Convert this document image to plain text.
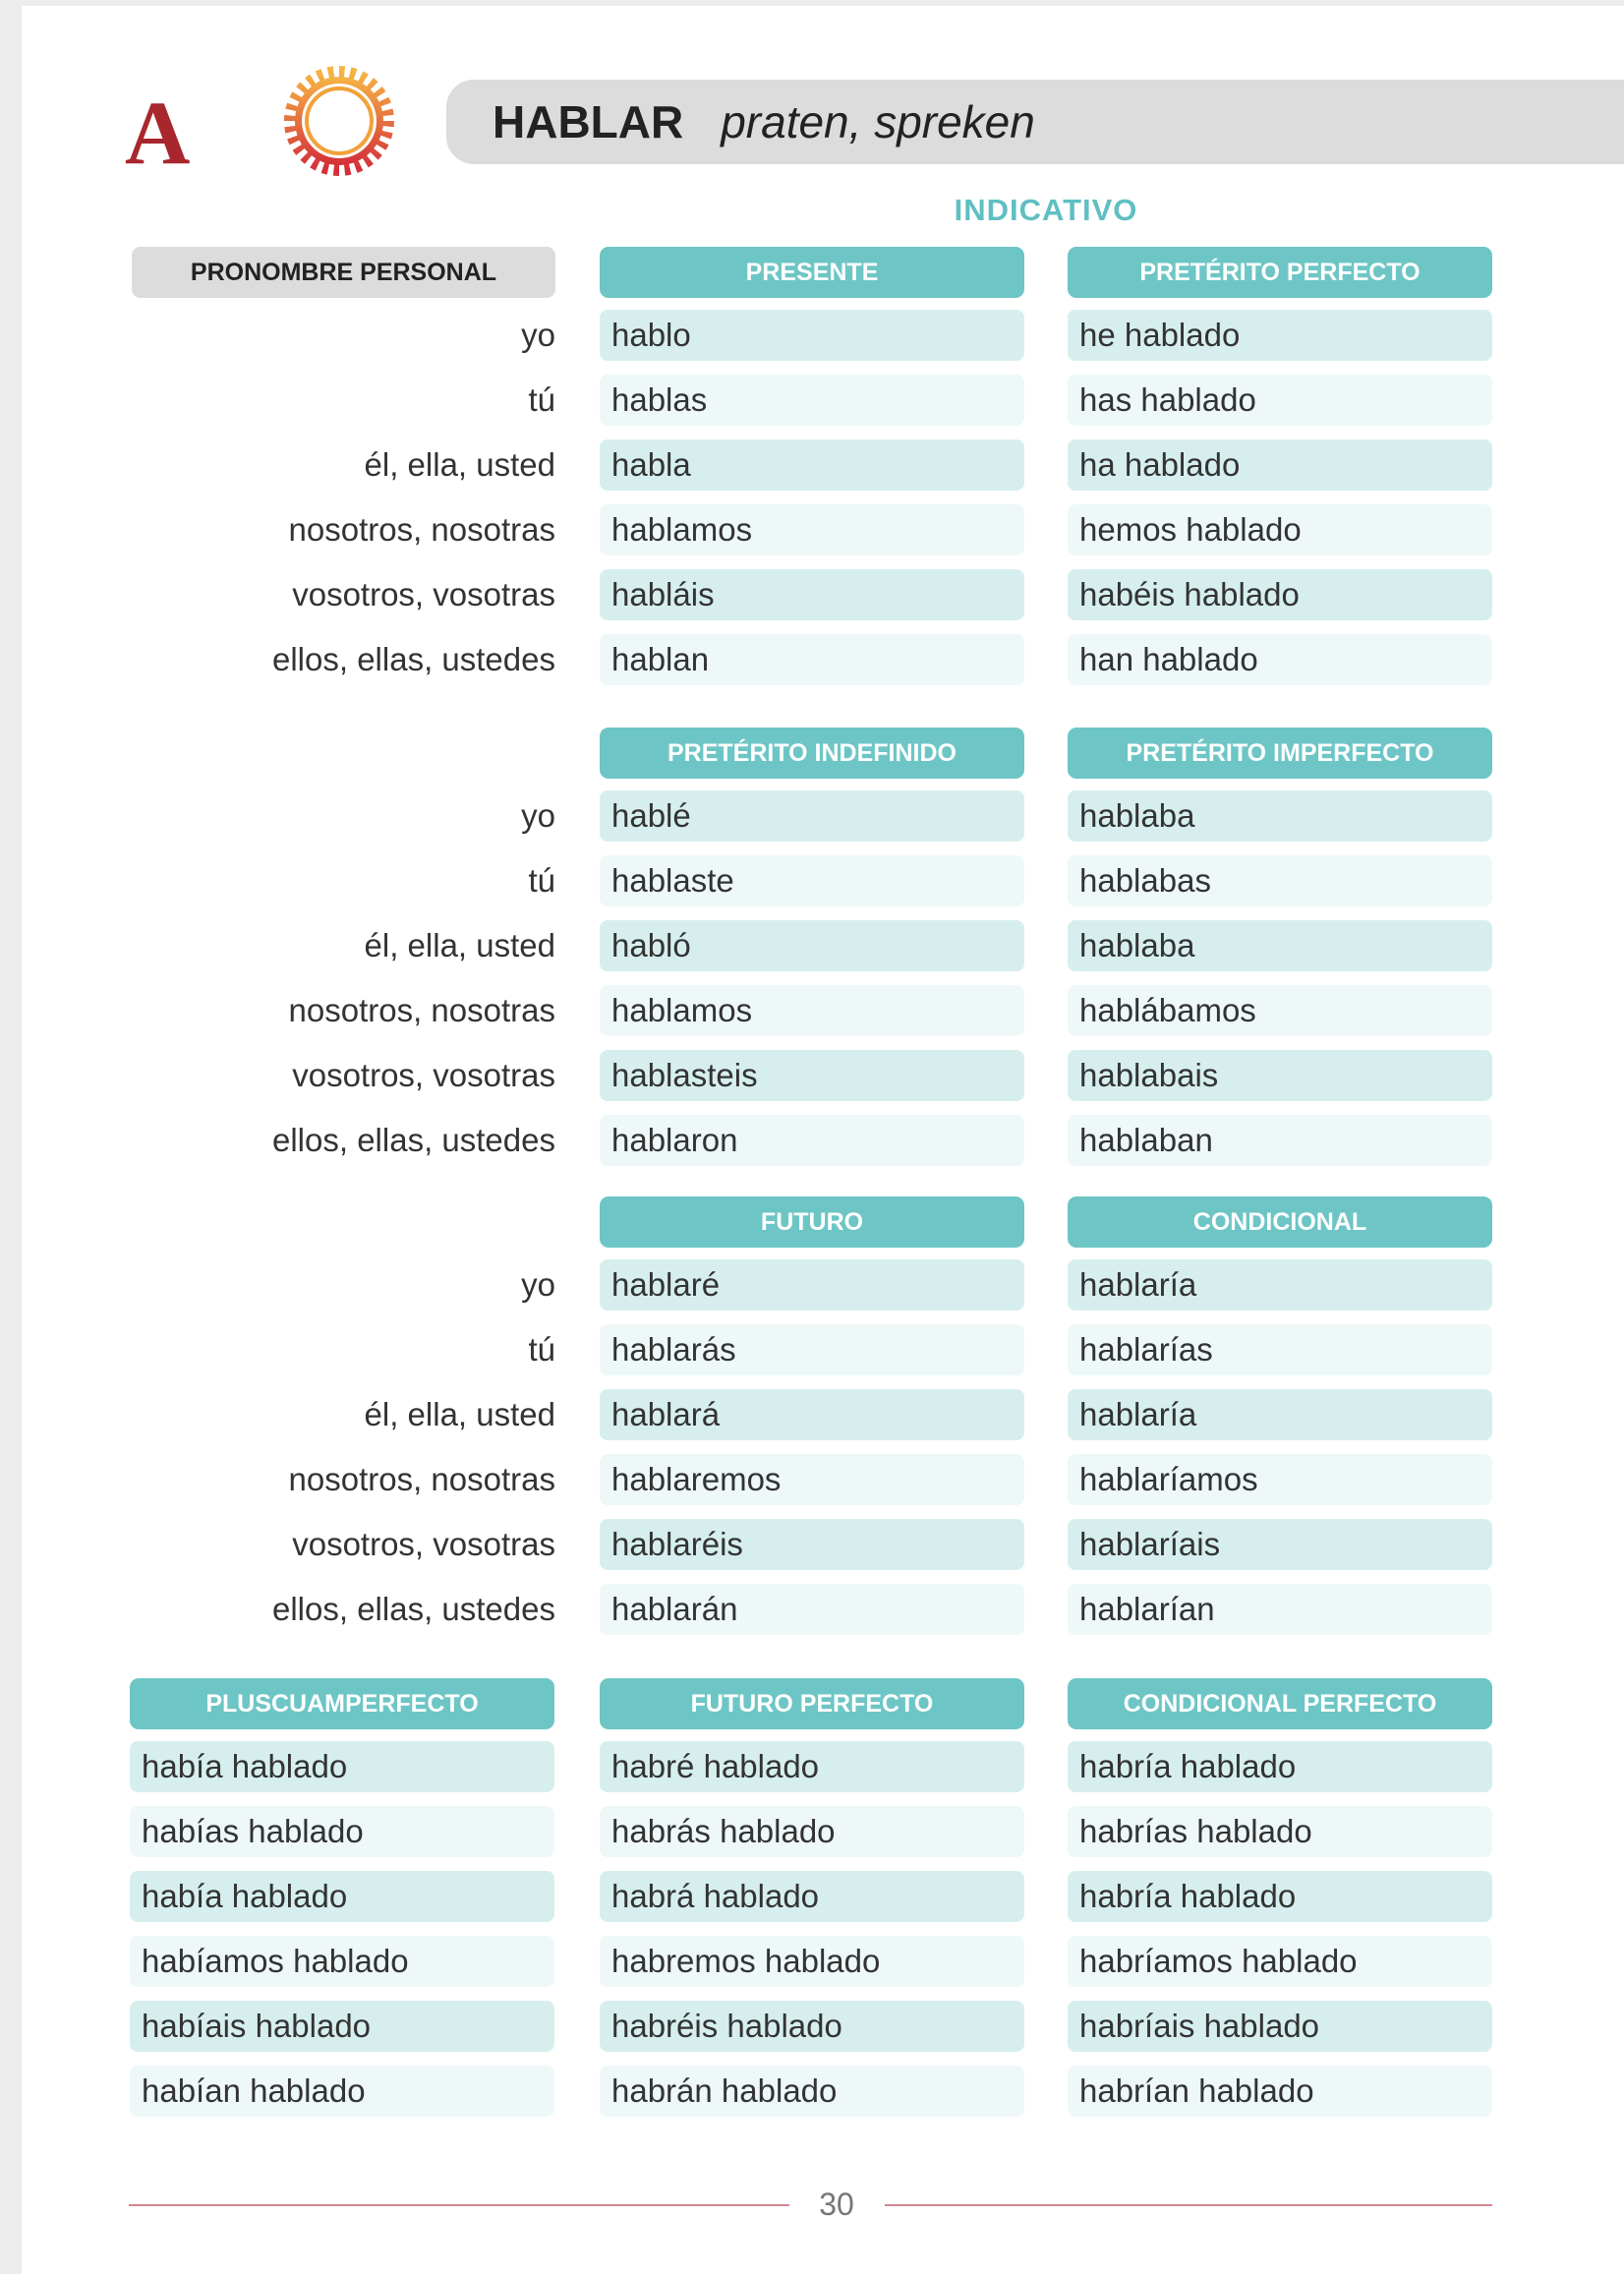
A	HABLAR praten, spreken
INDICATIVO
PRONOMBRE PERSONAL
yo
tú
él, ella, usted
nosotros, nosotras
vosotros, vosotras
ellos, ellas, ustedes
PRESENTE
hablo
hablas
habla
hablamos
habláis
hablan
PRETÉRITO PERFECTO
he hablado
has hablado
ha hablado
hemos hablado
habéis hablado
han hablado
yo
tú
él, ella, usted
nosotros, nosotras
vosotros, vosotras
ellos, ellas, ustedes
PRETÉRITO INDEFINIDO
hablé
hablaste
habló
hablamos
hablasteis
hablaron
PRETÉRITO IMPERFECTO
hablaba
hablabas
hablaba
hablábamos
hablabais
hablaban
yo
tú
él, ella, usted
nosotros, nosotras
vosotros, vosotras
ellos, ellas, ustedes
FUTURO
hablaré
hablarás
hablará
hablaremos
hablaréis
hablarán
CONDICIONAL
hablaría
hablarías
hablaría
hablaríamos
hablaríais
hablarían
PLUSCUAMPERFECTO
había hablado
habías hablado
había hablado
habíamos hablado
habíais hablado
habían hablado
FUTURO PERFECTO
habré hablado
habrás hablado
habrá hablado
habremos hablado
habréis hablado
habrán hablado
CONDICIONAL PERFECTO
habría hablado
habrías hablado
habría hablado
habríamos hablado
habríais hablado
habrían hablado
30
